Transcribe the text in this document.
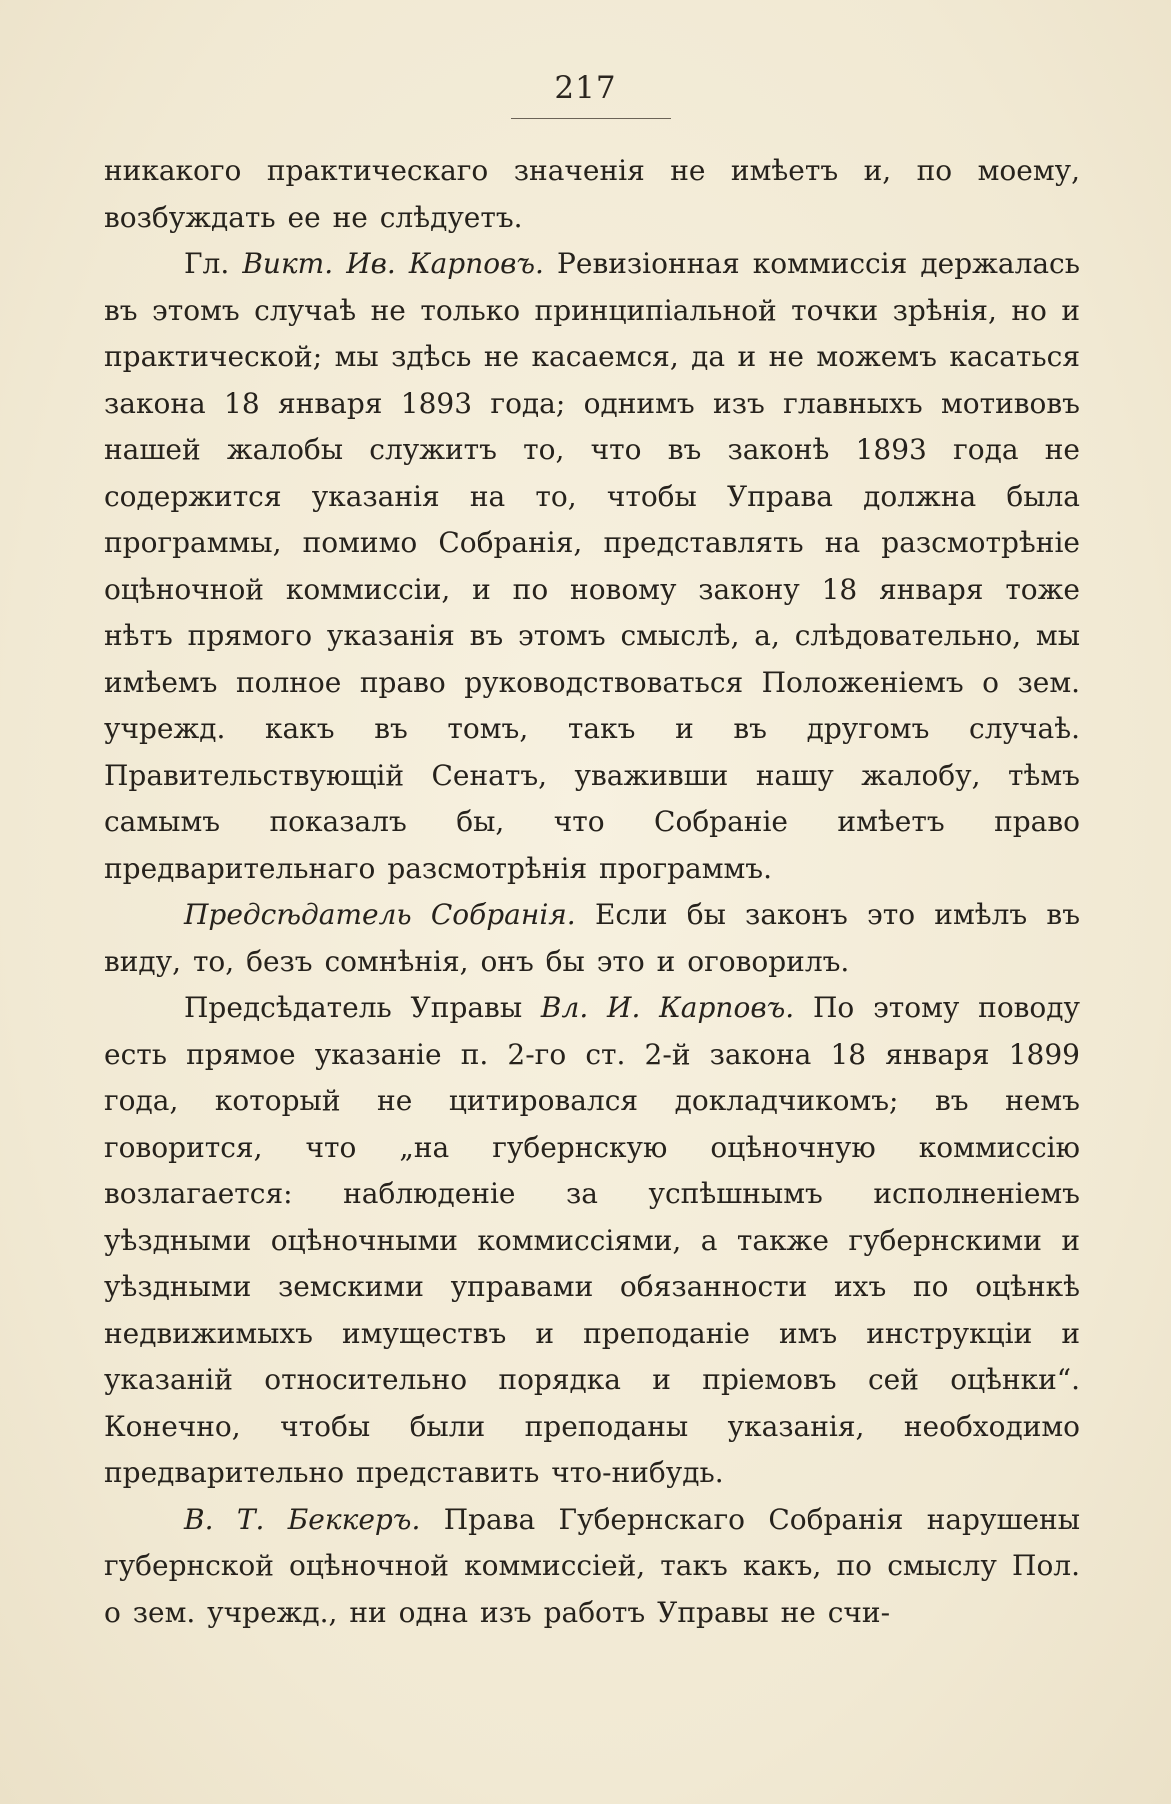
217

никакого практическаго значенія не имѣетъ и, по моему, возбуждать ее не слѣдуетъ.

Гл. Викт. Ив. Карповъ. Ревизіонная коммиссія держалась въ этомъ случаѣ не только принципіальной точки зрѣнія, но и практической; мы здѣсь не касаемся, да и не можемъ касаться закона 18 января 1893 года; однимъ изъ главныхъ мотивовъ нашей жалобы служитъ то, что въ законѣ 1893 года не содержится указанія на то, чтобы Управа должна была программы, помимо Собранія, представлять на разсмотрѣніе оцѣночной коммиссіи, и по новому закону 18 января тоже нѣтъ прямого указанія въ этомъ смыслѣ, а, слѣдовательно, мы имѣемъ полное право руководствоваться Положеніемъ о зем. учрежд. какъ въ томъ, такъ и въ другомъ случаѣ. Правительствующій Сенатъ, уваживши нашу жалобу, тѣмъ самымъ показалъ бы, что Собраніе имѣетъ право предварительнаго разсмотрѣнія программъ.

Предсѣдатель Собранія. Если бы законъ это имѣлъ въ виду, то, безъ сомнѣнія, онъ бы это и оговорилъ.

Предсѣдатель Управы Вл. И. Карповъ. По этому поводу есть прямое указаніе п. 2-го ст. 2-й закона 18 января 1899 года, который не цитировался докладчикомъ; въ немъ говорится, что „на губернскую оцѣночную коммиссію возлагается: наблюденіе за успѣшнымъ исполненіемъ уѣздными оцѣночными коммиссіями, а также губернскими и уѣздными земскими управами обязанности ихъ по оцѣнкѣ недвижимыхъ имуществъ и преподаніе имъ инструкціи и указаній относительно порядка и пріемовъ сей оцѣнки“. Конечно, чтобы были преподаны указанія, необходимо предварительно представить что-нибудь.

В. Т. Беккеръ. Права Губернскаго Собранія нарушены губернской оцѣночной коммиссіей, такъ какъ, по смыслу Пол. о зем. учрежд., ни одна изъ работъ Управы не счи-
